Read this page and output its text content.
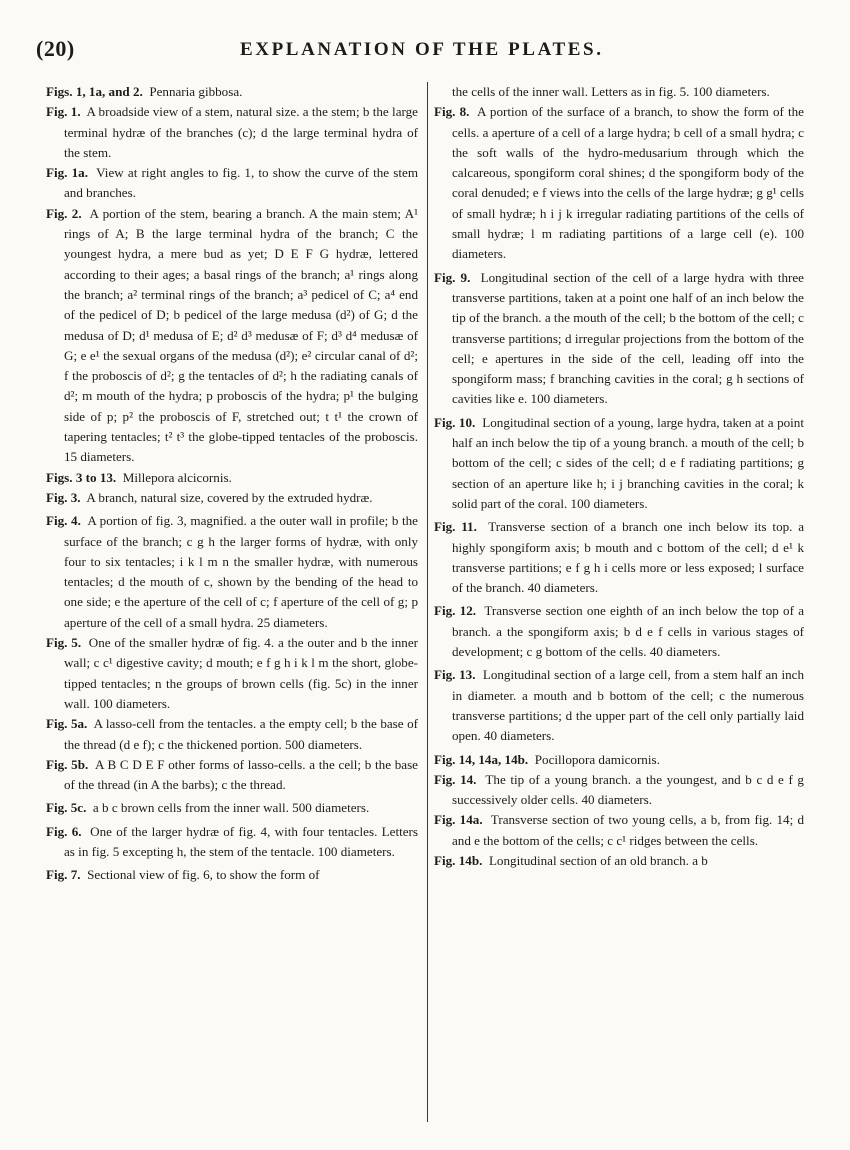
(20)	EXPLANATION OF THE PLATES.

Figs. 1, 1a, and 2. Pennaria gibbosa.

Fig. 1. A broadside view of a stem, natural size. a the stem; b the large terminal hydræ of the branches (c); d the large terminal hydra of the stem.

Fig. 1a. View at right angles to fig. 1, to show the curve of the stem and branches.

Fig. 2. A portion of the stem, bearing a branch. A the main stem; A¹ rings of A; B the large terminal hydra of the branch; C the youngest hydra, a mere bud as yet; D E F G hydræ, lettered according to their ages; a basal rings of the branch; a¹ rings along the branch; a² terminal rings of the branch; a³ pedicel of C; a⁴ end of the pedicel of D; b pedicel of the large medusa (d²) of G; d the medusa of D; d¹ medusa of E; d² d³ medusæ of F; d³ d⁴ medusæ of G; e e¹ the sexual organs of the medusa (d²); e² circular canal of d²; f the proboscis of d²; g the tentacles of d²; h the radiating canals of d²; m mouth of the hydra; p proboscis of the hydra; p¹ the bulging side of p; p² the proboscis of F, stretched out; t t¹ the crown of tapering tentacles; t² t³ the globe-tipped tentacles of the proboscis. 15 diameters.

Figs. 3 to 13. Millepora alcicornis.

Fig. 3. A branch, natural size, covered by the extruded hydræ.

Fig. 4. A portion of fig. 3, magnified. a the outer wall in profile; b the surface of the branch; c g h the larger forms of hydræ, with only four to six tentacles; i k l m n the smaller hydræ, with numerous tentacles; d the mouth of c, shown by the bending of the head to one side; e the aperture of the cell of c; f aperture of the cell of g; p aperture of the cell of a small hydra. 25 diameters.

Fig. 5. One of the smaller hydræ of fig. 4. a the outer and b the inner wall; c c¹ digestive cavity; d mouth; e f g h i k l m the short, globe-tipped tentacles; n the groups of brown cells (fig. 5c) in the inner wall. 100 diameters.

Fig. 5a. A lasso-cell from the tentacles. a the empty cell; b the base of the thread (d e f); c the thickened portion. 500 diameters.

Fig. 5b. A B C D E F other forms of lasso-cells. a the cell; b the base of the thread (in A the barbs); c the thread.

Fig. 5c. a b c brown cells from the inner wall. 500 diameters.

Fig. 6. One of the larger hydræ of fig. 4, with four tentacles. Letters as in fig. 5 excepting h, the stem of the tentacle. 100 diameters.

Fig. 7. Sectional view of fig. 6, to show the form of

the cells of the inner wall. Letters as in fig. 5. 100 diameters.

Fig. 8. A portion of the surface of a branch, to show the form of the cells. a aperture of a cell of a large hydra; b cell of a small hydra; c the soft walls of the hydro-medusarium through which the calcareous, spongiform coral shines; d the spongiform body of the coral denuded; e f views into the cells of the large hydræ; g g¹ cells of small hydræ; h i j k irregular radiating partitions of the cells of small hydræ; l m radiating partitions of a large cell (e). 100 diameters.

Fig. 9. Longitudinal section of the cell of a large hydra with three transverse partitions, taken at a point one half of an inch below the tip of the branch. a the mouth of the cell; b the bottom of the cell; c transverse partitions; d irregular projections from the bottom of the cell; e apertures in the side of the cell, leading off into the spongiform mass; f branching cavities in the coral; g h sections of cavities like e. 100 diameters.

Fig. 10. Longitudinal section of a young, large hydra, taken at a point half an inch below the tip of a young branch. a mouth of the cell; b bottom of the cell; c sides of the cell; d e f radiating partitions; g section of an aperture like h; i j branching cavities in the coral; k solid part of the coral. 100 diameters.

Fig. 11. Transverse section of a branch one inch below its top. a highly spongiform axis; b mouth and c bottom of the cell; d e¹ k transverse partitions; e f g h i cells more or less exposed; l surface of the branch. 40 diameters.

Fig. 12. Transverse section one eighth of an inch below the top of a branch. a the spongiform axis; b d e f cells in various stages of development; c g bottom of the cells. 40 diameters.

Fig. 13. Longitudinal section of a large cell, from a stem half an inch in diameter. a mouth and b bottom of the cell; c the numerous transverse partitions; d the upper part of the cell only partially laid open. 40 diameters.

Fig. 14, 14a, 14b. Pocillopora damicornis.

Fig. 14. The tip of a young branch. a the youngest, and b c d e f g successively older cells. 40 diameters.

Fig. 14a. Transverse section of two young cells, a b, from fig. 14; d and e the bottom of the cells; c c¹ ridges between the cells.

Fig. 14b. Longitudinal section of an old branch. a b
